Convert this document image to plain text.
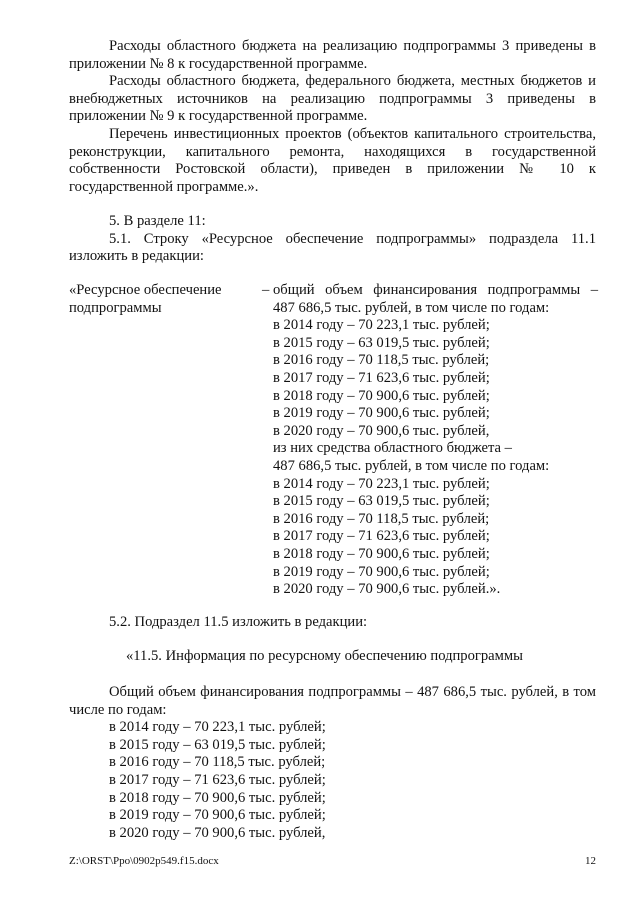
Расходы областного бюджета на реализацию подпрограммы 3 приведены в приложении № 8 к государственной программе.

Расходы областного бюджета, федерального бюджета, местных бюджетов и внебюджетных источников на реализацию подпрограммы 3 приведены в приложении № 9 к государственной программе.

Перечень инвестиционных проектов (объектов капитального строительства, реконструкции, капитального ремонта, находящихся в государственной собственности Ростовской области), приведен в приложении № 10 к государственной программе.».

5. В разделе 11:

5.1. Строку «Ресурсное обеспечение подпрограммы» подраздела 11.1 изложить в редакции:

«Ресурсное обеспечение
подпрограммы
– общий объем финансирования подпрограммы –
487 686,5 тыс. рублей, в том числе по годам:
в 2014 году – 70 223,1 тыс. рублей;
в 2015 году – 63 019,5 тыс. рублей;
в 2016 году – 70 118,5 тыс. рублей;
в 2017 году – 71 623,6 тыс. рублей;
в 2018 году – 70 900,6 тыс. рублей;
в 2019 году – 70 900,6 тыс. рублей;
в 2020 году – 70 900,6 тыс. рублей,
из них средства областного бюджета –
487 686,5 тыс. рублей, в том числе по годам:
в 2014 году – 70 223,1 тыс. рублей;
в 2015 году – 63 019,5 тыс. рублей;
в 2016 году – 70 118,5 тыс. рублей;
в 2017 году – 71 623,6 тыс. рублей;
в 2018 году – 70 900,6 тыс. рублей;
в 2019 году – 70 900,6 тыс. рублей;
в 2020 году – 70 900,6 тыс. рублей.».

5.2. Подраздел 11.5 изложить в редакции:

«11.5. Информация по ресурсному обеспечению подпрограммы

Общий объем финансирования подпрограммы – 487 686,5 тыс. рублей, в том числе по годам:

в 2014 году – 70 223,1 тыс. рублей;
в 2015 году – 63 019,5 тыс. рублей;
в 2016 году – 70 118,5 тыс. рублей;
в 2017 году – 71 623,6 тыс. рублей;
в 2018 году – 70 900,6 тыс. рублей;
в 2019 году – 70 900,6 тыс. рублей;
в 2020 году – 70 900,6 тыс. рублей,
Z:\ORST\Ppo\0902p549.f15.docx	12
